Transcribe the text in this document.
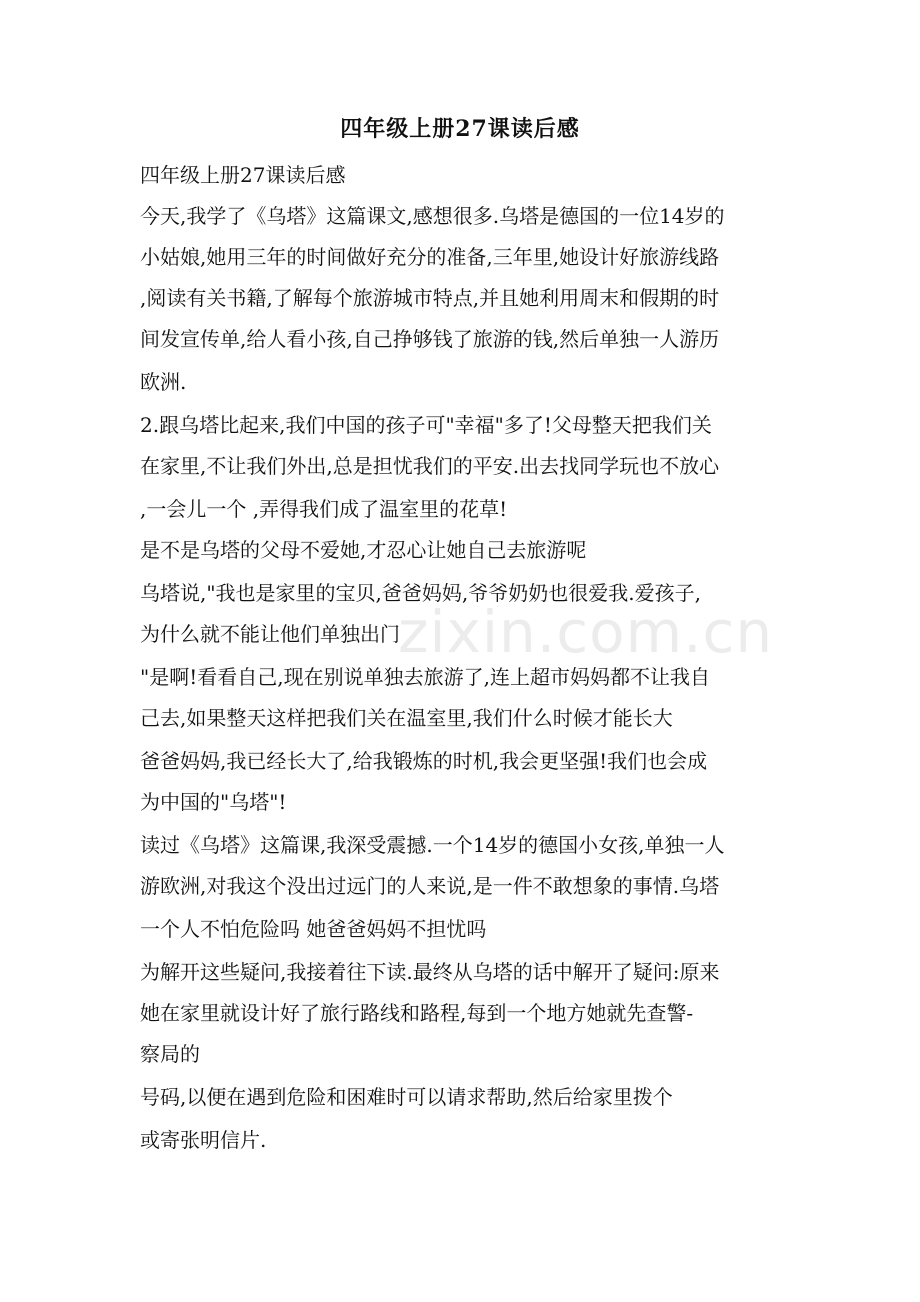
四年级上册27课读后感
四年级上册27课读后感
今天,我学了《乌塔》这篇课文,感想很多.乌塔是德国的一位14岁的
小姑娘,她用三年的时间做好充分的准备,三年里,她设计好旅游线路
,阅读有关书籍,了解每个旅游城市特点,并且她利用周末和假期的时
间发宣传单,给人看小孩,自己挣够钱了旅游的钱,然后单独一人游历
欧洲.
2.跟乌塔比起来,我们中国的孩子可"幸福"多了!父母整天把我们关
在家里,不让我们外出,总是担忧我们的平安.出去找同学玩也不放心
,一会儿一个 ,弄得我们成了温室里的花草!
是不是乌塔的父母不爱她,才忍心让她自己去旅游呢
乌塔说,"我也是家里的宝贝,爸爸妈妈,爷爷奶奶也很爱我.爱孩子,
为什么就不能让他们单独出门
"是啊!看看自己,现在别说单独去旅游了,连上超市妈妈都不让我自
己去,如果整天这样把我们关在温室里,我们什么时候才能长大
爸爸妈妈,我已经长大了,给我锻炼的时机,我会更坚强!我们也会成
为中国的"乌塔"!
读过《乌塔》这篇课,我深受震撼.一个14岁的德国小女孩,单独一人
游欧洲,对我这个没出过远门的人来说,是一件不敢想象的事情.乌塔
一个人不怕危险吗 她爸爸妈妈不担忧吗
为解开这些疑问,我接着往下读.最终从乌塔的话中解开了疑问:原来
她在家里就设计好了旅行路线和路程,每到一个地方她就先查警-
察局的
号码,以便在遇到危险和困难时可以请求帮助,然后给家里拨个
或寄张明信片.
zixin.com.cn
